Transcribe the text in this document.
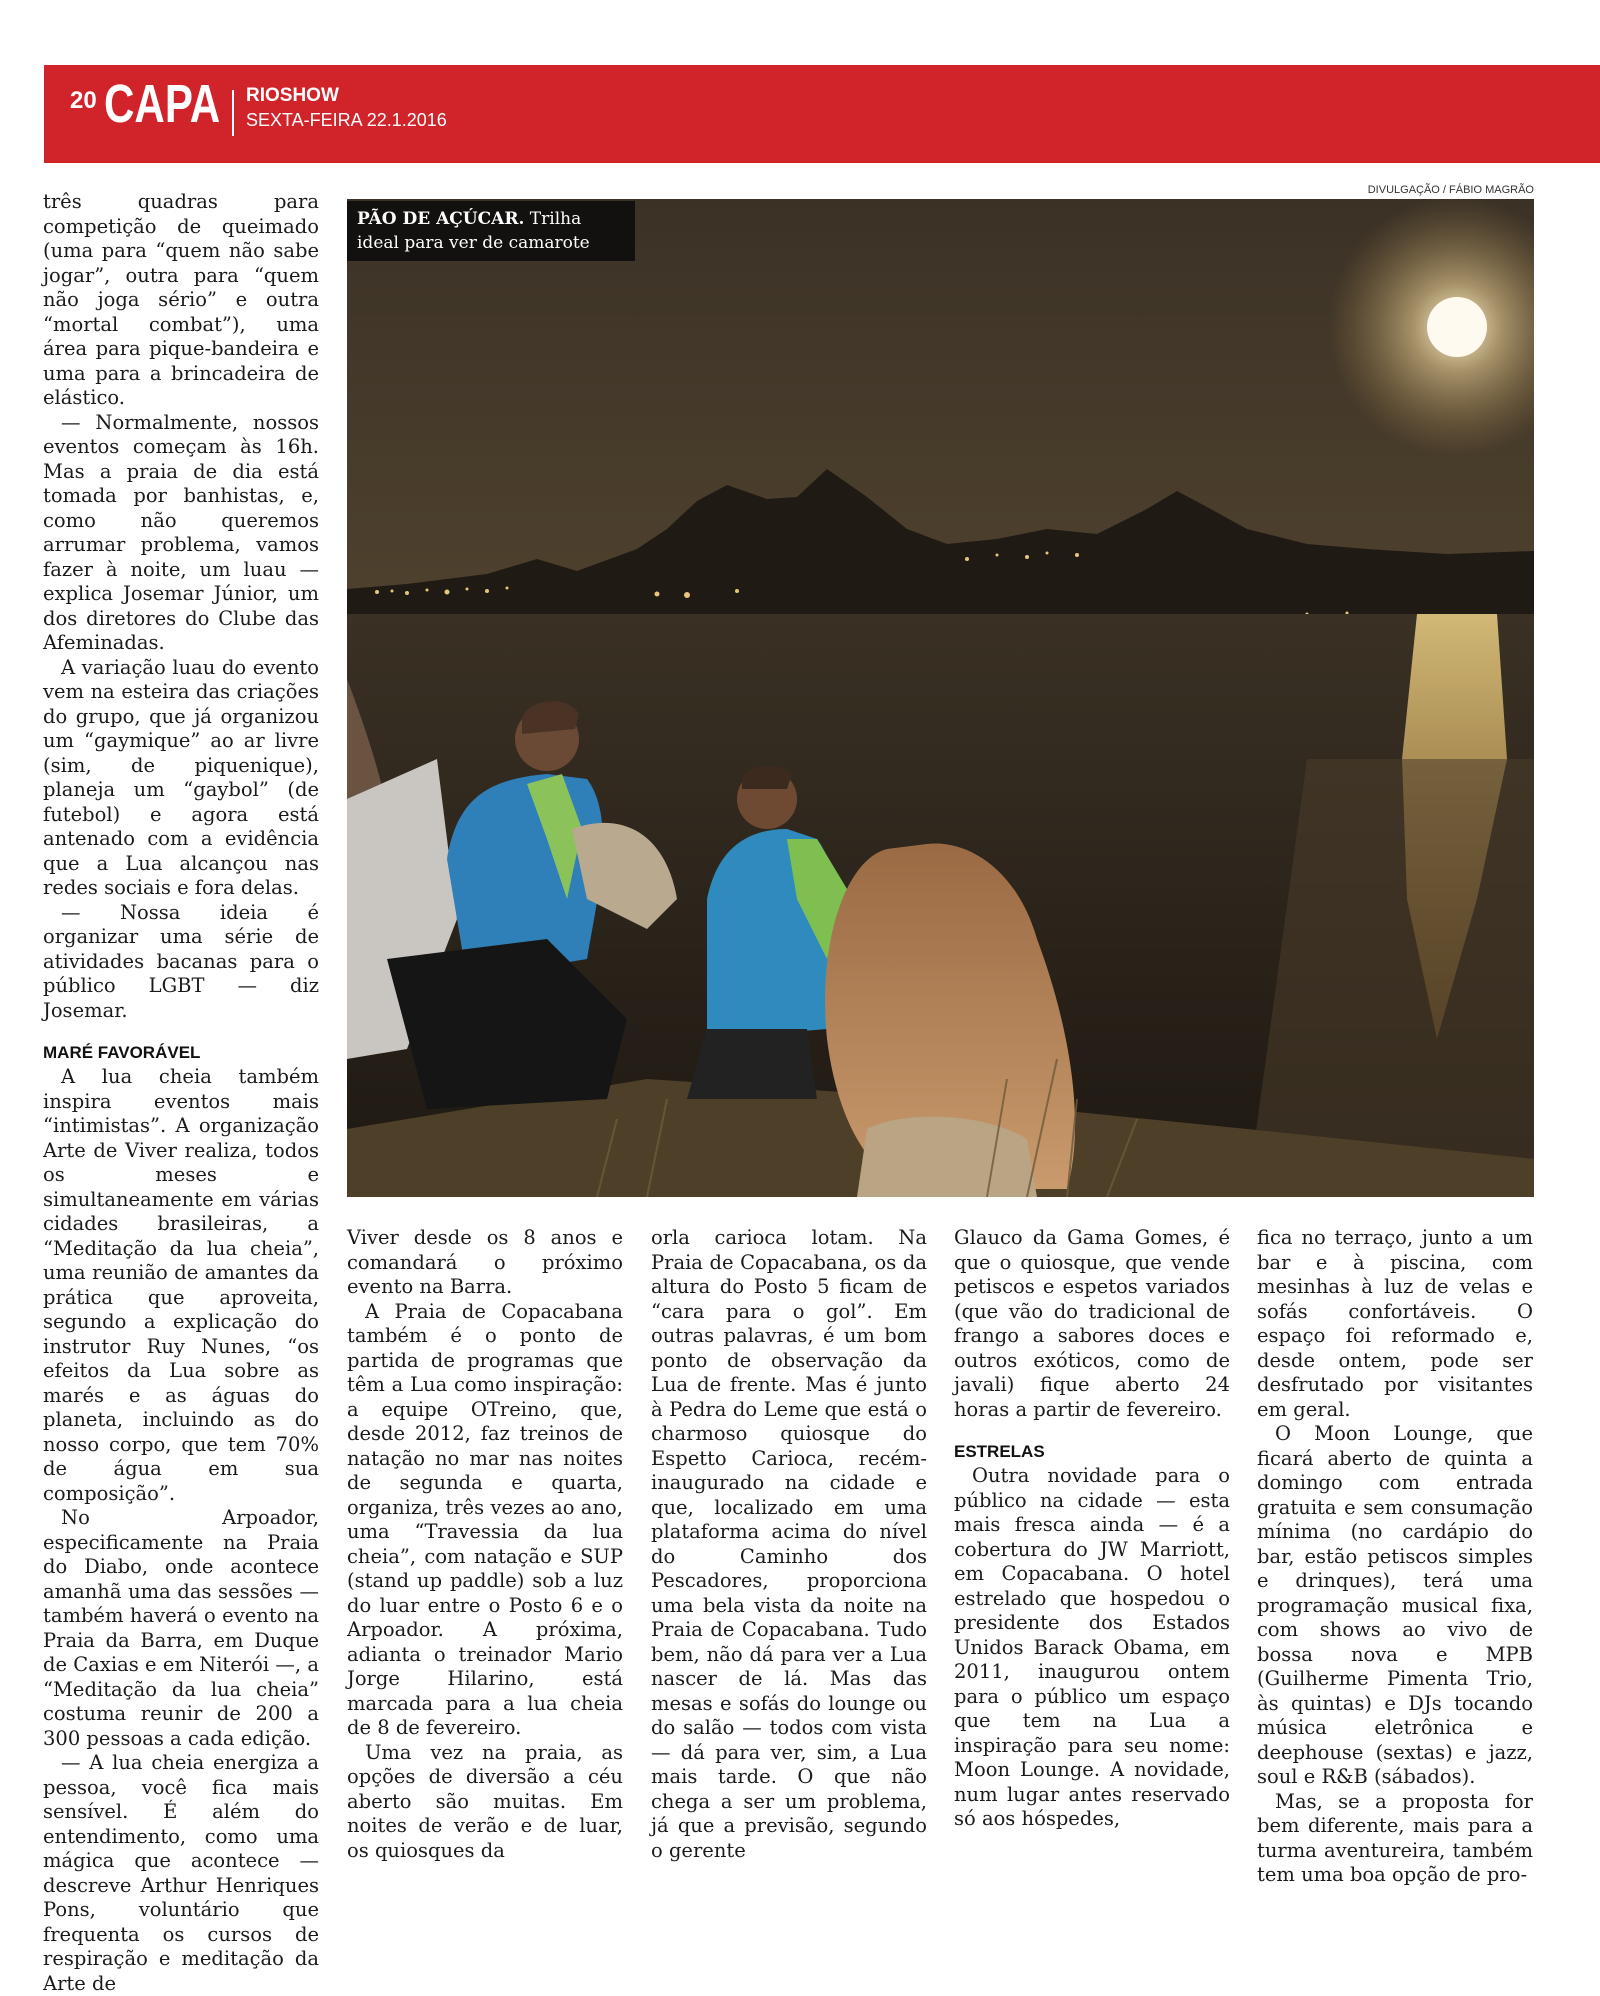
20 CAPA RIOSHOW
SEXTA-FEIRA 22.1.2016

três quadras para competição de queimado (uma para “quem não sabe jogar”, outra para “quem não joga sério” e outra “mortal combat”), uma área para pique-bandeira e uma para a brincadeira de elástico.

— Normalmente, nossos eventos começam às 16h. Mas a praia de dia está tomada por banhistas, e, como não queremos arrumar problema, vamos fazer à noite, um luau — explica Josemar Júnior, um dos diretores do Clube das Afeminadas.

A variação luau do evento vem na esteira das criações do grupo, que já organizou um “gaymique” ao ar livre (sim, de piquenique), planeja um “gaybol” (de futebol) e agora está antenado com a evidência que a Lua alcançou nas redes sociais e fora delas.

— Nossa ideia é organizar uma série de atividades bacanas para o público LGBT — diz Josemar.

MARÉ FAVORÁVEL

A lua cheia também inspira eventos mais “intimistas”. A organização Arte de Viver realiza, todos os meses e simultaneamente em várias cidades brasileiras, a “Meditação da lua cheia”, uma reunião de amantes da prática que aproveita, segundo a explicação do instrutor Ruy Nunes, “os efeitos da Lua sobre as marés e as águas do planeta, incluindo as do nosso corpo, que tem 70% de água em sua composição”.

No Arpoador, especificamente na Praia do Diabo, onde acontece amanhã uma das sessões — também haverá o evento na Praia da Barra, em Duque de Caxias e em Niterói —, a “Meditação da lua cheia” costuma reunir de 200 a 300 pessoas a cada edição.

— A lua cheia energiza a pessoa, você fica mais sensível. É além do entendimento, como uma mágica que acontece — descreve Arthur Henriques Pons, voluntário que frequenta os cursos de respiração e meditação da Arte de

DIVULGAÇÃO / FÁBIO MAGRÃO
PÃO DE AÇÚCAR. Trilha ideal para ver de camarote

Viver desde os 8 anos e comandará o próximo evento na Barra.

A Praia de Copacabana também é o ponto de partida de programas que têm a Lua como inspiração: a equipe OTreino, que, desde 2012, faz treinos de natação no mar nas noites de segunda e quarta, organiza, três vezes ao ano, uma “Travessia da lua cheia”, com natação e SUP (stand up paddle) sob a luz do luar entre o Posto 6 e o Arpoador. A próxima, adianta o treinador Mario Jorge Hilarino, está marcada para a lua cheia de 8 de fevereiro.

Uma vez na praia, as opções de diversão a céu aberto são muitas. Em noites de verão e de luar, os quiosques da

orla carioca lotam. Na Praia de Copacabana, os da altura do Posto 5 ficam de “cara para o gol”. Em outras palavras, é um bom ponto de observação da Lua de frente. Mas é junto à Pedra do Leme que está o charmoso quiosque do Espetto Carioca, recém-inaugurado na cidade e que, localizado em uma plataforma acima do nível do Caminho dos Pescadores, proporciona uma bela vista da noite na Praia de Copacabana. Tudo bem, não dá para ver a Lua nascer de lá. Mas das mesas e sofás do lounge ou do salão — todos com vista — dá para ver, sim, a Lua mais tarde. O que não chega a ser um problema, já que a previsão, segundo o gerente

Glauco da Gama Gomes, é que o quiosque, que vende petiscos e espetos variados (que vão do tradicional de frango a sabores doces e outros exóticos, como de javali) fique aberto 24 horas a partir de fevereiro.

ESTRELAS

Outra novidade para o público na cidade — esta mais fresca ainda — é a cobertura do JW Marriott, em Copacabana. O hotel estrelado que hospedou o presidente dos Estados Unidos Barack Obama, em 2011, inaugurou ontem para o público um espaço que tem na Lua a inspiração para seu nome: Moon Lounge. A novidade, num lugar antes reservado só aos hóspedes,

fica no terraço, junto a um bar e à piscina, com mesinhas à luz de velas e sofás confortáveis. O espaço foi reformado e, desde ontem, pode ser desfrutado por visitantes em geral.

O Moon Lounge, que ficará aberto de quinta a domingo com entrada gratuita e sem consumação mínima (no cardápio do bar, estão petiscos simples e drinques), terá uma programação musical fixa, com shows ao vivo de bossa nova e MPB (Guilherme Pimenta Trio, às quintas) e DJs tocando música eletrônica e deephouse (sextas) e jazz, soul e R&B (sábados).

Mas, se a proposta for bem diferente, mais para a turma aventureira, também tem uma boa opção de pro-
